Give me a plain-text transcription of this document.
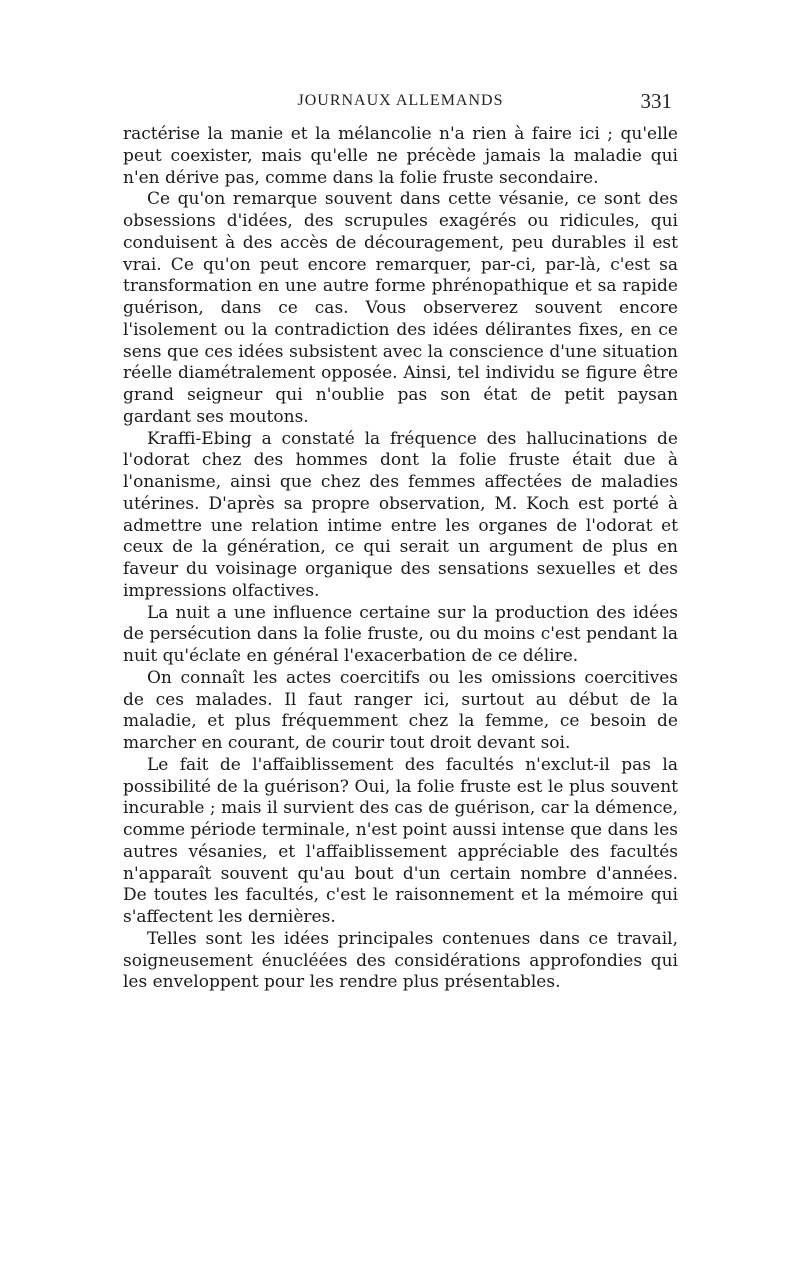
JOURNAUX ALLEMANDS	331

ractérise la manie et la mélancolie n'a rien à faire ici ; qu'elle peut coexister, mais qu'elle ne précède jamais la maladie qui n'en dérive pas, comme dans la folie fruste secondaire.

Ce qu'on remarque souvent dans cette vésanie, ce sont des obsessions d'idées, des scrupules exagérés ou ridicules, qui conduisent à des accès de découragement, peu durables il est vrai. Ce qu'on peut encore remarquer, par-ci, par-là, c'est sa transformation en une autre forme phrénopathique et sa rapide guérison, dans ce cas. Vous observerez souvent encore l'isolement ou la contradiction des idées délirantes fixes, en ce sens que ces idées subsistent avec la conscience d'une situation réelle diamétralement opposée. Ainsi, tel individu se figure être grand seigneur qui n'oublie pas son état de petit paysan gardant ses moutons.

Kraffi-Ebing a constaté la fréquence des hallucinations de l'odorat chez des hommes dont la folie fruste était due à l'onanisme, ainsi que chez des femmes affectées de maladies utérines. D'après sa propre observation, M. Koch est porté à admettre une relation intime entre les organes de l'odorat et ceux de la génération, ce qui serait un argument de plus en faveur du voisinage organique des sensations sexuelles et des impressions olfactives.

La nuit a une influence certaine sur la production des idées de persécution dans la folie fruste, ou du moins c'est pendant la nuit qu'éclate en général l'exacerbation de ce délire.

On connaît les actes coercitifs ou les omissions coercitives de ces malades. Il faut ranger ici, surtout au début de la maladie, et plus fréquemment chez la femme, ce besoin de marcher en courant, de courir tout droit devant soi.

Le fait de l'affaiblissement des facultés n'exclut-il pas la possibilité de la guérison? Oui, la folie fruste est le plus souvent incurable ; mais il survient des cas de guérison, car la démence, comme période terminale, n'est point aussi intense que dans les autres vésanies, et l'affaiblissement appréciable des facultés n'apparaît souvent qu'au bout d'un certain nombre d'années. De toutes les facultés, c'est le raisonnement et la mémoire qui s'affectent les dernières.

Telles sont les idées principales contenues dans ce travail, soigneusement énucléées des considérations approfondies qui les enveloppent pour les rendre plus présentables.
